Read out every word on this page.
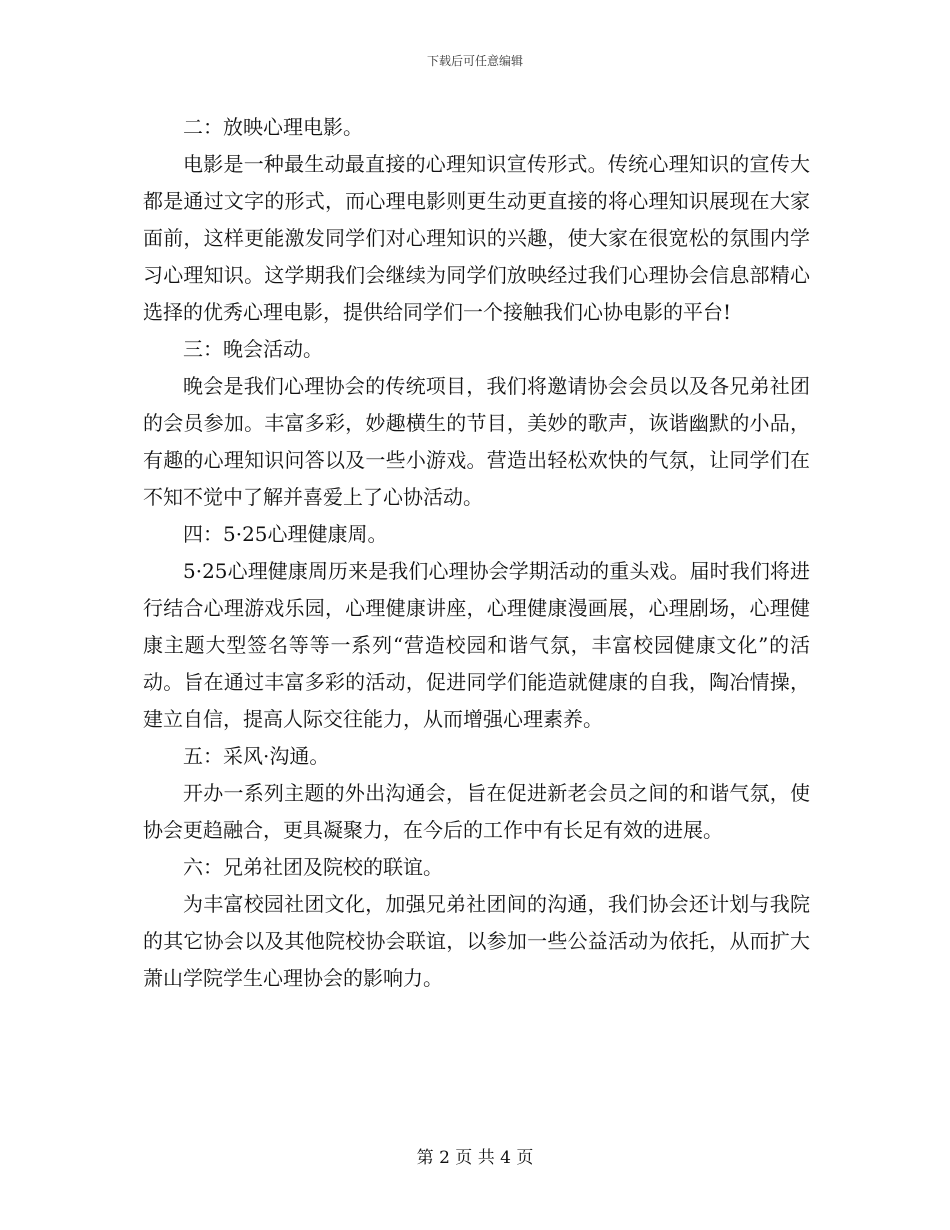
下载后可任意编辑

二：放映心理电影。

电影是一种最生动最直接的心理知识宣传形式。传统心理知识的宣传大都是通过文字的形式，而心理电影则更生动更直接的将心理知识展现在大家面前，这样更能激发同学们对心理知识的兴趣，使大家在很宽松的氛围内学习心理知识。这学期我们会继续为同学们放映经过我们心理协会信息部精心选择的优秀心理电影，提供给同学们一个接触我们心协电影的平台!

三：晚会活动。

晚会是我们心理协会的传统项目，我们将邀请协会会员以及各兄弟社团的会员参加。丰富多彩，妙趣横生的节目，美妙的歌声，诙谐幽默的小品，有趣的心理知识问答以及一些小游戏。营造出轻松欢快的气氛，让同学们在不知不觉中了解并喜爱上了心协活动。

四：5·25心理健康周。

5·25心理健康周历来是我们心理协会学期活动的重头戏。届时我们将进行结合心理游戏乐园，心理健康讲座，心理健康漫画展，心理剧场，心理健康主题大型签名等等一系列“营造校园和谐气氛，丰富校园健康文化”的活动。旨在通过丰富多彩的活动，促进同学们能造就健康的自我，陶冶情操，建立自信，提高人际交往能力，从而增强心理素养。

五：采风·沟通。

开办一系列主题的外出沟通会，旨在促进新老会员之间的和谐气氛，使协会更趋融合，更具凝聚力，在今后的工作中有长足有效的进展。

六：兄弟社团及院校的联谊。

为丰富校园社团文化，加强兄弟社团间的沟通，我们协会还计划与我院的其它协会以及其他院校协会联谊，以参加一些公益活动为依托，从而扩大萧山学院学生心理协会的影响力。

第 2 页 共 4 页
